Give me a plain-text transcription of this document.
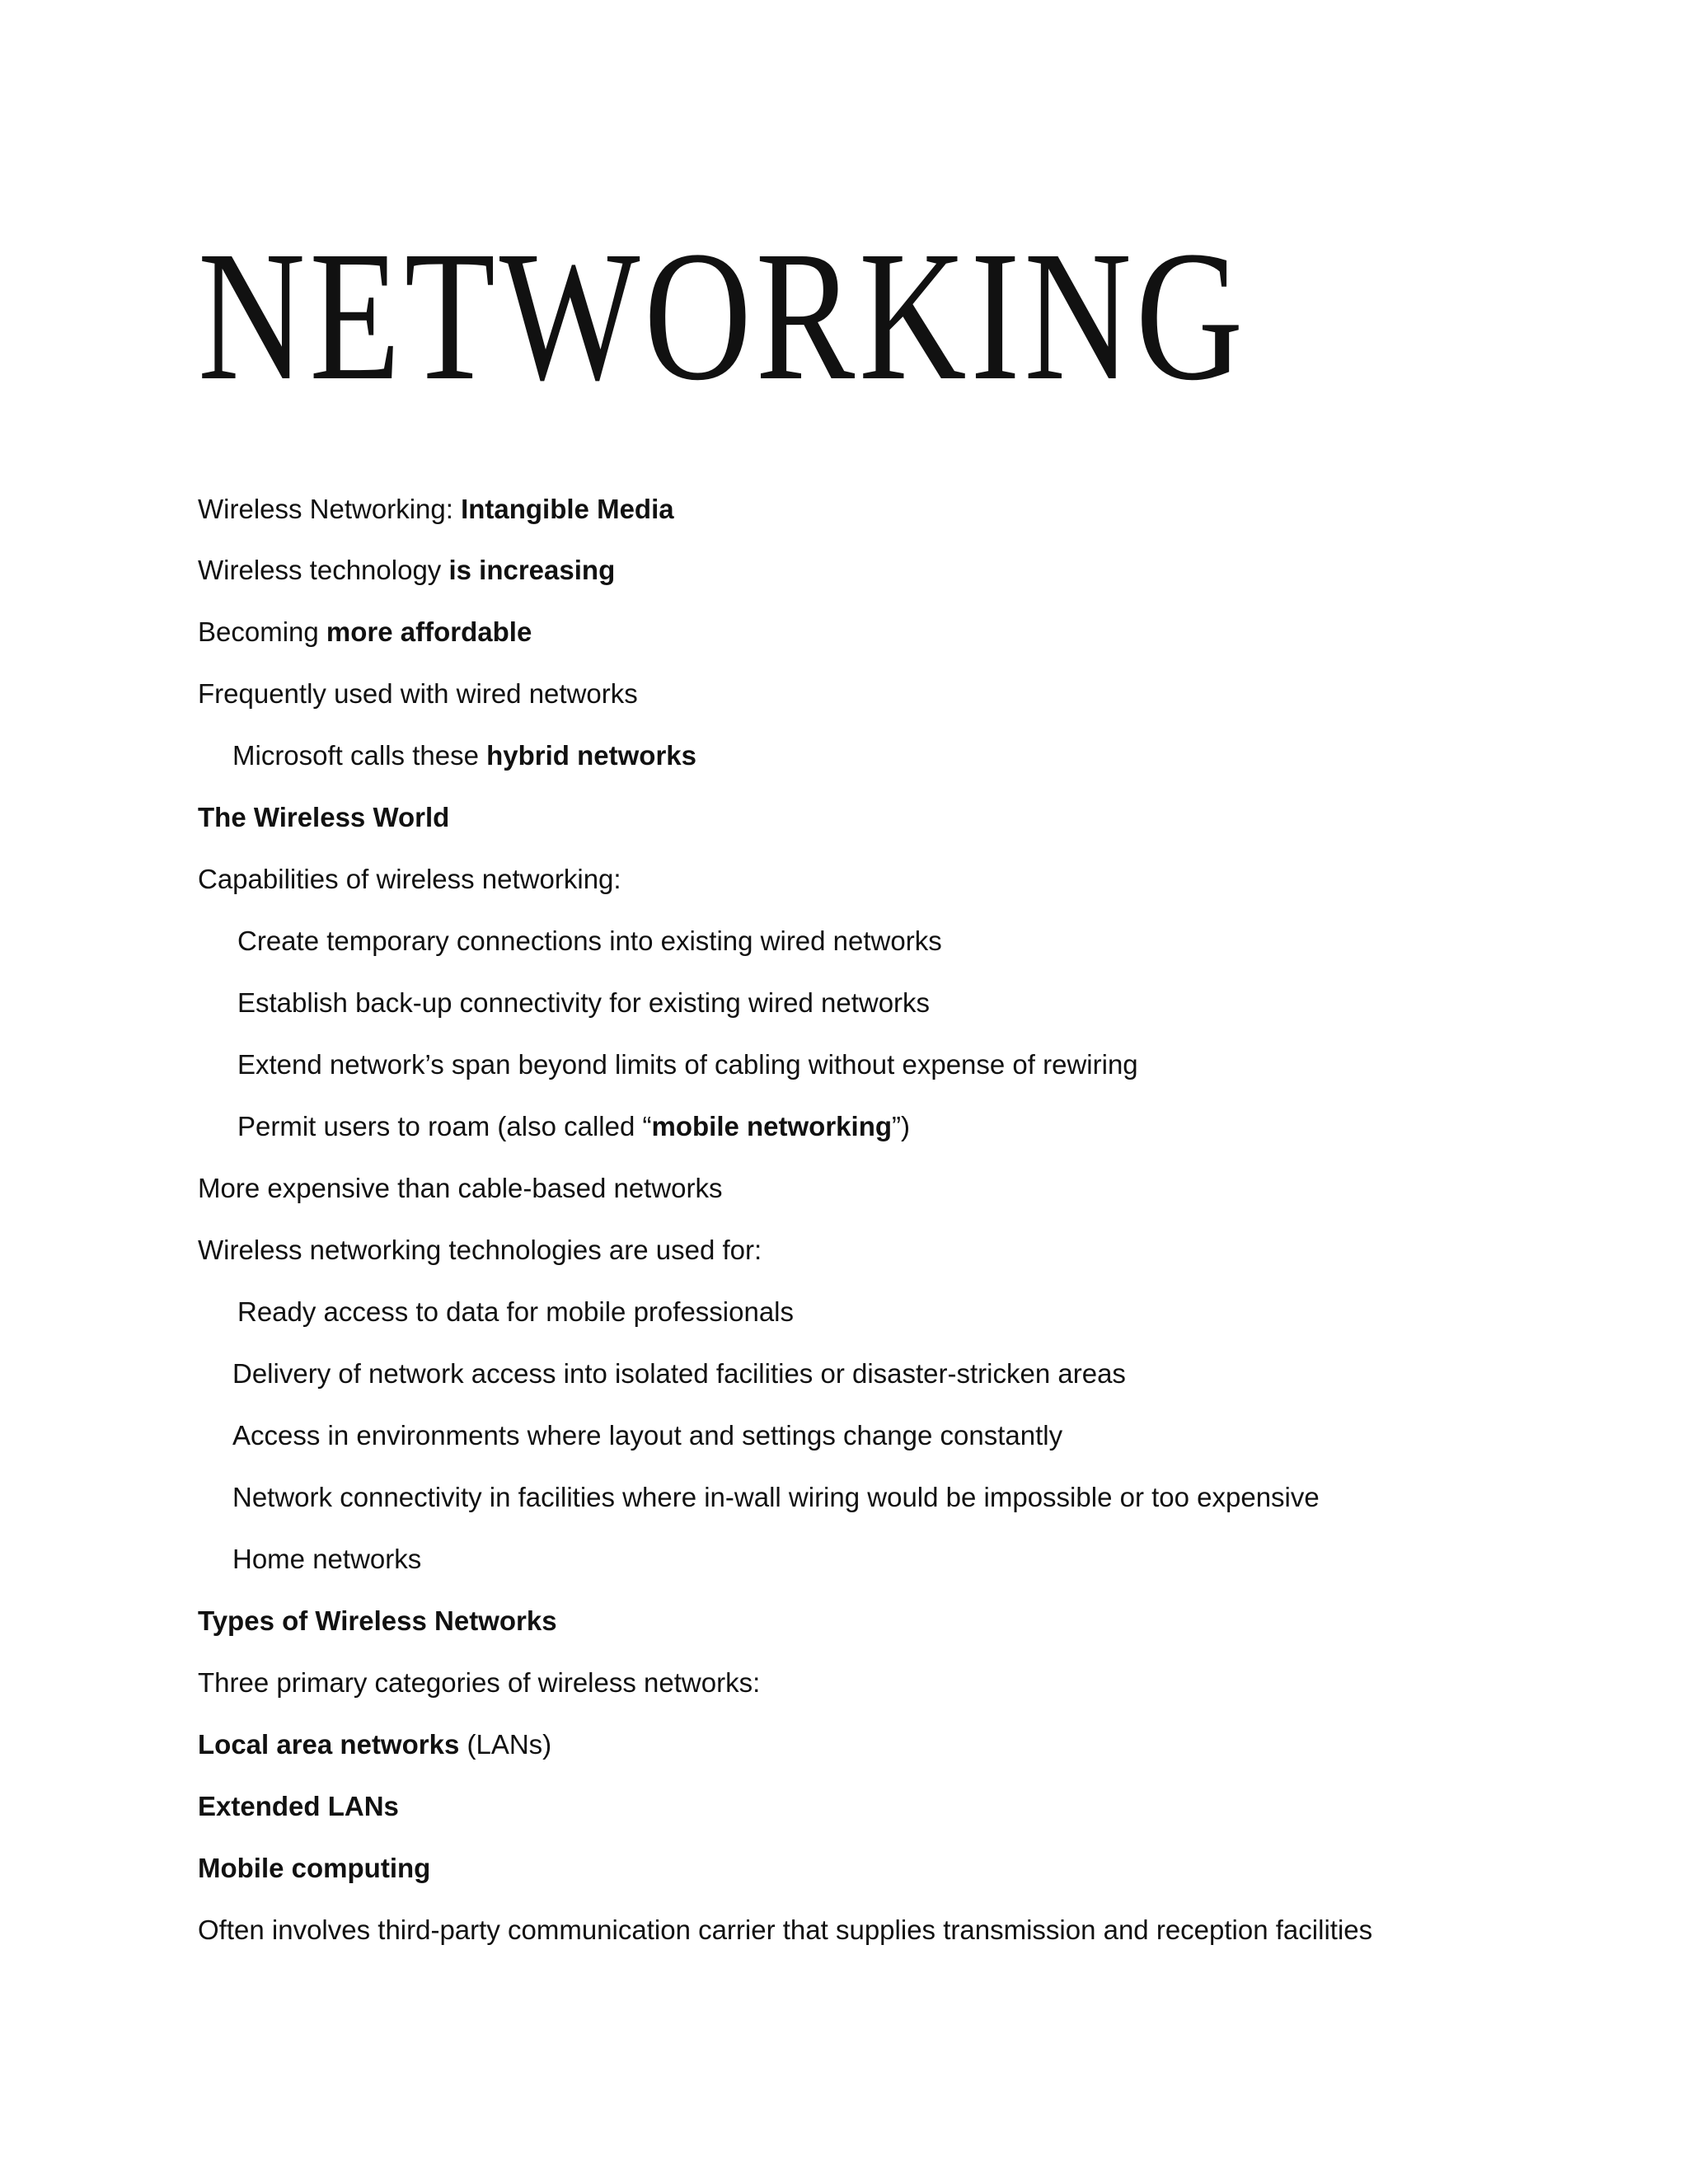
NETWORKING
Wireless Networking: Intangible Media
Wireless technology is increasing
Becoming more affordable
Frequently used with wired networks
Microsoft calls these hybrid networks
The Wireless World
Capabilities of wireless networking:
Create temporary connections into existing wired networks
Establish back-up connectivity for existing wired networks
Extend network’s span beyond limits of cabling without expense of rewiring
Permit users to roam (also called “mobile networking”)
More expensive than cable-based networks
Wireless networking technologies are used for:
Ready access to data for mobile professionals
Delivery of network access into isolated facilities or disaster-stricken areas
Access in environments where layout and settings change constantly
Network connectivity in facilities where in-wall wiring would be impossible or too expensive
Home networks
Types of Wireless Networks
Three primary categories of wireless networks:
Local area networks (LANs)
Extended LANs
Mobile computing
Often involves third-party communication carrier that supplies transmission and reception facilities
